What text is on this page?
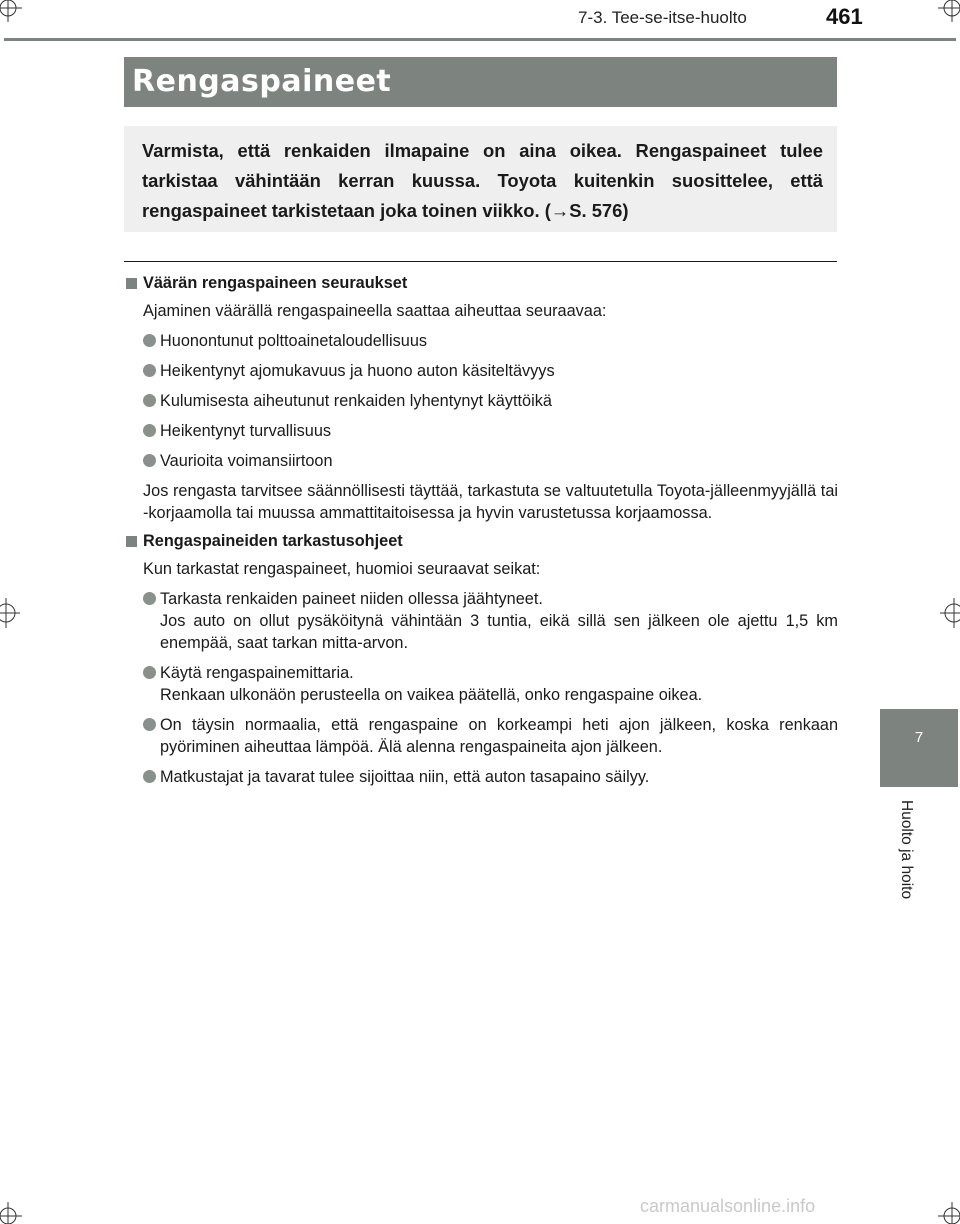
7-3. Tee-se-itse-huolto	461
Rengaspaineet
Varmista, että renkaiden ilmapaine on aina oikea. Rengaspaineet tulee tarkistaa vähintään kerran kuussa. Toyota kuitenkin suosittelee, että rengaspaineet tarkistetaan joka toinen viikko. (→S. 576)
Väärän rengaspaineen seuraukset
Ajaminen väärällä rengaspaineella saattaa aiheuttaa seuraavaa:
Huonontunut polttoainetaloudellisuus
Heikentynyt ajomukavuus ja huono auton käsiteltävyys
Kulumisesta aiheutunut renkaiden lyhentynyt käyttöikä
Heikentynyt turvallisuus
Vaurioita voimansiirtoon
Jos rengasta tarvitsee säännöllisesti täyttää, tarkastuta se valtuutetulla Toyota-jälleenmyyjällä tai -korjaamolla tai muussa ammattitaitoisessa ja hyvin varustetussa korjaamossa.
Rengaspaineiden tarkastusohjeet
Kun tarkastat rengaspaineet, huomioi seuraavat seikat:
Tarkasta renkaiden paineet niiden ollessa jäähtyneet.
Jos auto on ollut pysäköitynä vähintään 3 tuntia, eikä sillä sen jälkeen ole ajettu 1,5 km enempää, saat tarkan mitta-arvon.
Käytä rengaspainemittaria.
Renkaan ulkonäön perusteella on vaikea päätellä, onko rengaspaine oikea.
On täysin normaalia, että rengaspaine on korkeampi heti ajon jälkeen, koska renkaan pyöriminen aiheuttaa lämpöä. Älä alenna rengaspaineita ajon jälkeen.
Matkustajat ja tavarat tulee sijoittaa niin, että auton tasapaino säilyy.
7
Huolto ja hoito
carmanualsonline.info
